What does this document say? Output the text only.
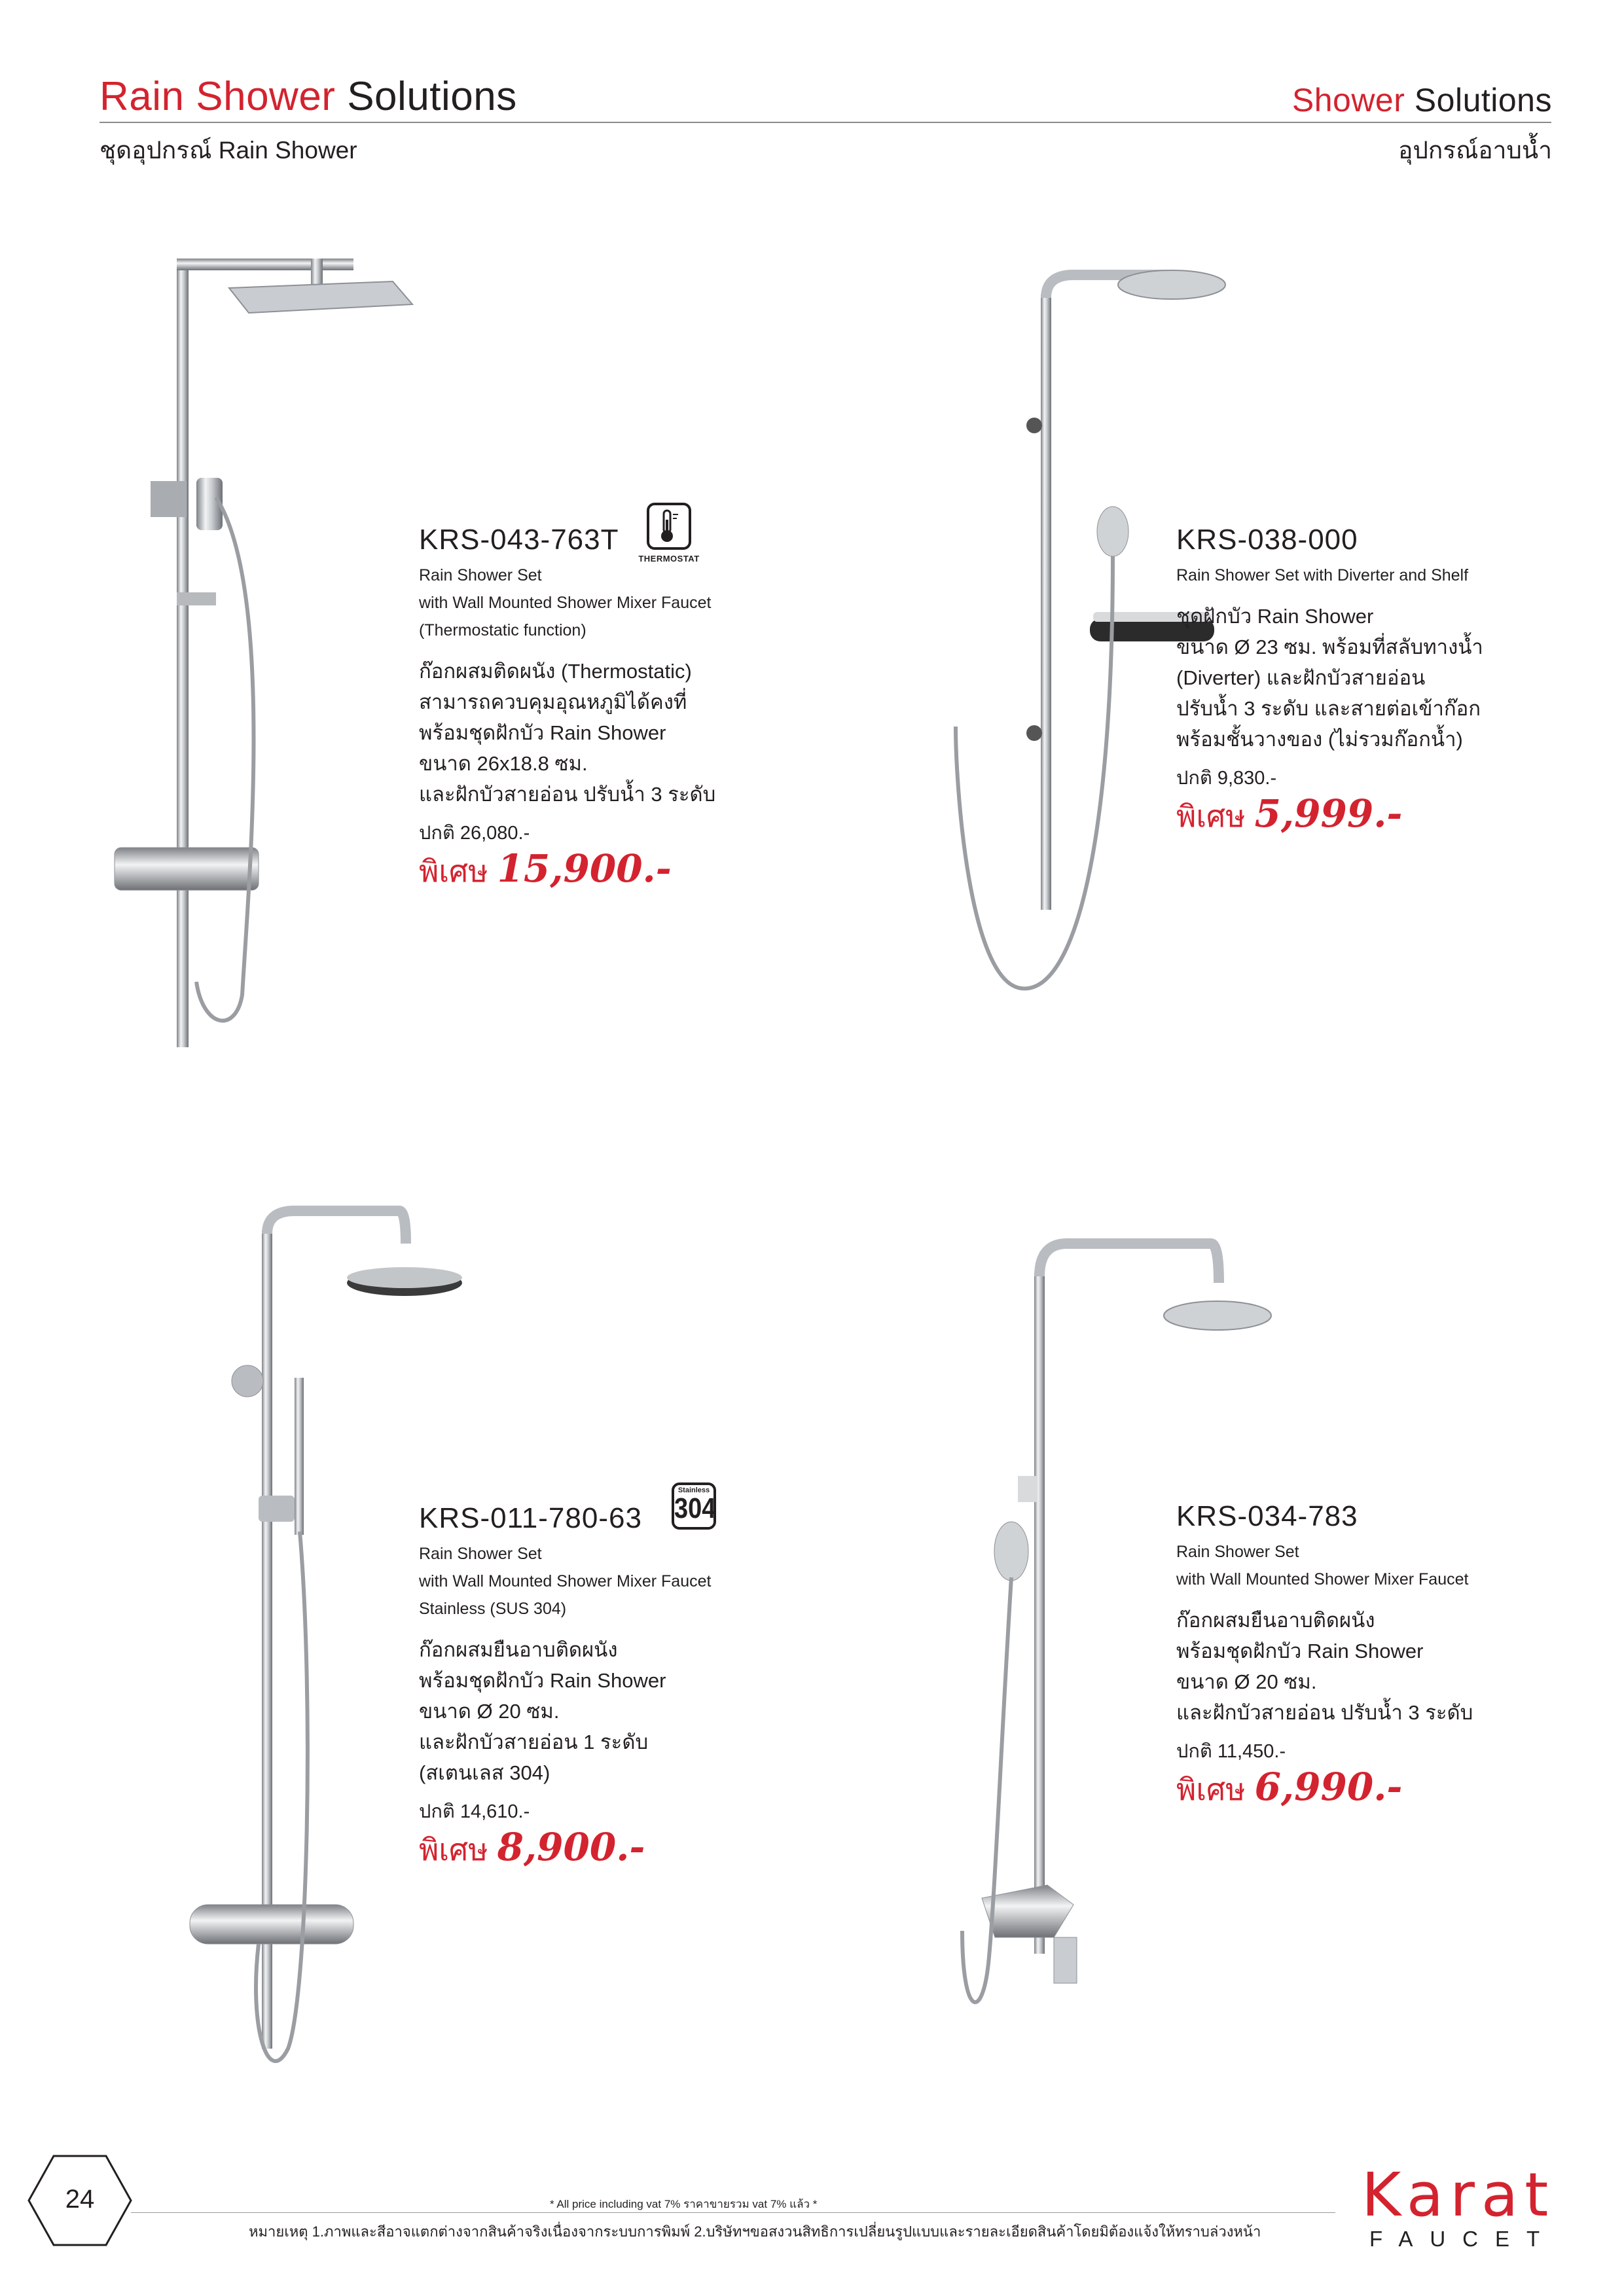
Rain Shower Solutions
ชุดอุปกรณ์ Rain Shower
Shower Solutions
อุปกรณ์อาบน้ำ
KRS-043-763T
Rain Shower Set
with Wall Mounted Shower Mixer Faucet
(Thermostatic function)
ก๊อกผสมติดผนัง (Thermostatic)
สามารถควบคุมอุณหภูมิได้คงที่
พร้อมชุดฝักบัว Rain Shower
ขนาด 26x18.8 ซม.
และฝักบัวสายอ่อน ปรับน้ำ 3 ระดับ
ปกติ 26,080.-
พิเศษ 15,900.-
THERMOSTAT
KRS-038-000
Rain Shower Set with Diverter and Shelf
ชุดฝักบัว Rain Shower
ขนาด Ø 23 ซม. พร้อมที่สลับทางน้ำ
(Diverter) และฝักบัวสายอ่อน
ปรับน้ำ 3 ระดับ และสายต่อเข้าก๊อก
พร้อมชั้นวางของ (ไม่รวมก๊อกน้ำ)
ปกติ 9,830.-
พิเศษ 5,999.-
KRS-011-780-63
Rain Shower Set
with Wall Mounted Shower Mixer Faucet
Stainless (SUS 304)
ก๊อกผสมยืนอาบติดผนัง
พร้อมชุดฝักบัว Rain Shower
ขนาด Ø 20 ซม.
และฝักบัวสายอ่อน 1 ระดับ
(สเตนเลส 304)
ปกติ 14,610.-
พิเศษ 8,900.-
Stainless
304	KRS-034-783
Rain Shower Set
with Wall Mounted Shower Mixer Faucet
ก๊อกผสมยืนอาบติดผนัง
พร้อมชุดฝักบัว Rain Shower
ขนาด Ø 20 ซม.
และฝักบัวสายอ่อน ปรับน้ำ 3 ระดับ
ปกติ 11,450.-
พิเศษ 6,990.-
24	* All price including vat 7% ราคาขายรวม vat 7% แล้ว *
หมายเหตุ 1.ภาพและสีอาจแตกต่างจากสินค้าจริงเนื่องจากระบบการพิมพ์ 2.บริษัทฯขอสงวนสิทธิการเปลี่ยนรูปแบบและรายละเอียดสินค้าโดยมิต้องแจ้งให้ทราบล่วงหน้า
Karat
FAUCET
